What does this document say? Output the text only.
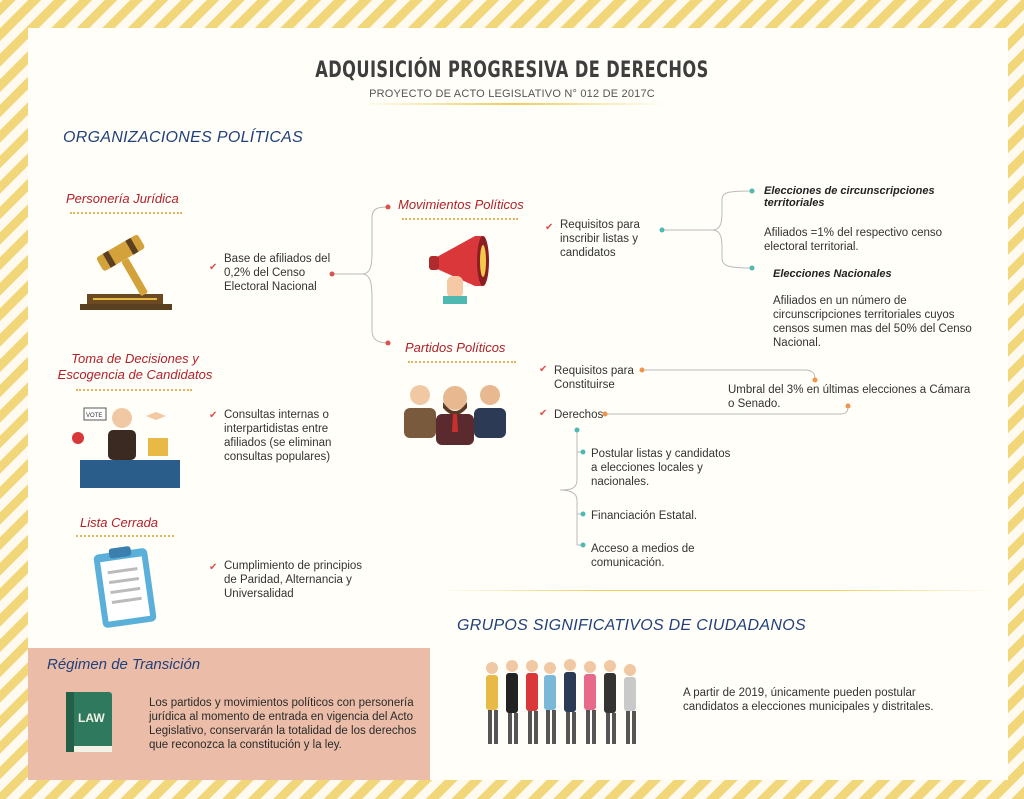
ADQUISICIÓN PROGRESIVA DE DERECHOS
PROYECTO DE ACTO LEGISLATIVO N° 012 DE 2017C
ORGANIZACIONES POLÍTICAS
Personería Jurídica
✔
Base de afiliados del 0,2% del Censo Electoral Nacional
Movimientos Políticos
✔ Requisitos para inscribir listas y candidatos
Elecciones de circunscripciones territoriales
Afiliados =1% del respectivo censo electoral territorial.
Elecciones Nacionales
Afiliados en un número de circunscripciones territoriales cuyos censos sumen mas del 50% del Censo Nacional.
Partidos Políticos
✔ Requisitos para Constituirse	Umbral del 3% en últimas elecciones a Cámara o Senado.
✔ Derechos
Postular listas y candidatos a elecciones locales y nacionales.
Financiación Estatal.
Acceso a medios de comunicación.
Toma de Decisiones y
Escogencia de Candidatos
VOTE	✔ Consultas internas o interpartidistas entre afiliados (se eliminan consultas populares)
Lista Cerrada
✔ Cumplimiento de principios de Paridad, Alternancia y Universalidad
GRUPOS SIGNIFICATIVOS DE CIUDADANOS
A partir de 2019, únicamente pueden postular candidatos a elecciones municipales y distritales.
Régimen de Transición
LAW
Los partidos y movimientos políticos con personería jurídica al momento de entrada en vigencia del Acto Legislativo, conservarán la totalidad de los derechos que reconozca la constitución y la ley.
